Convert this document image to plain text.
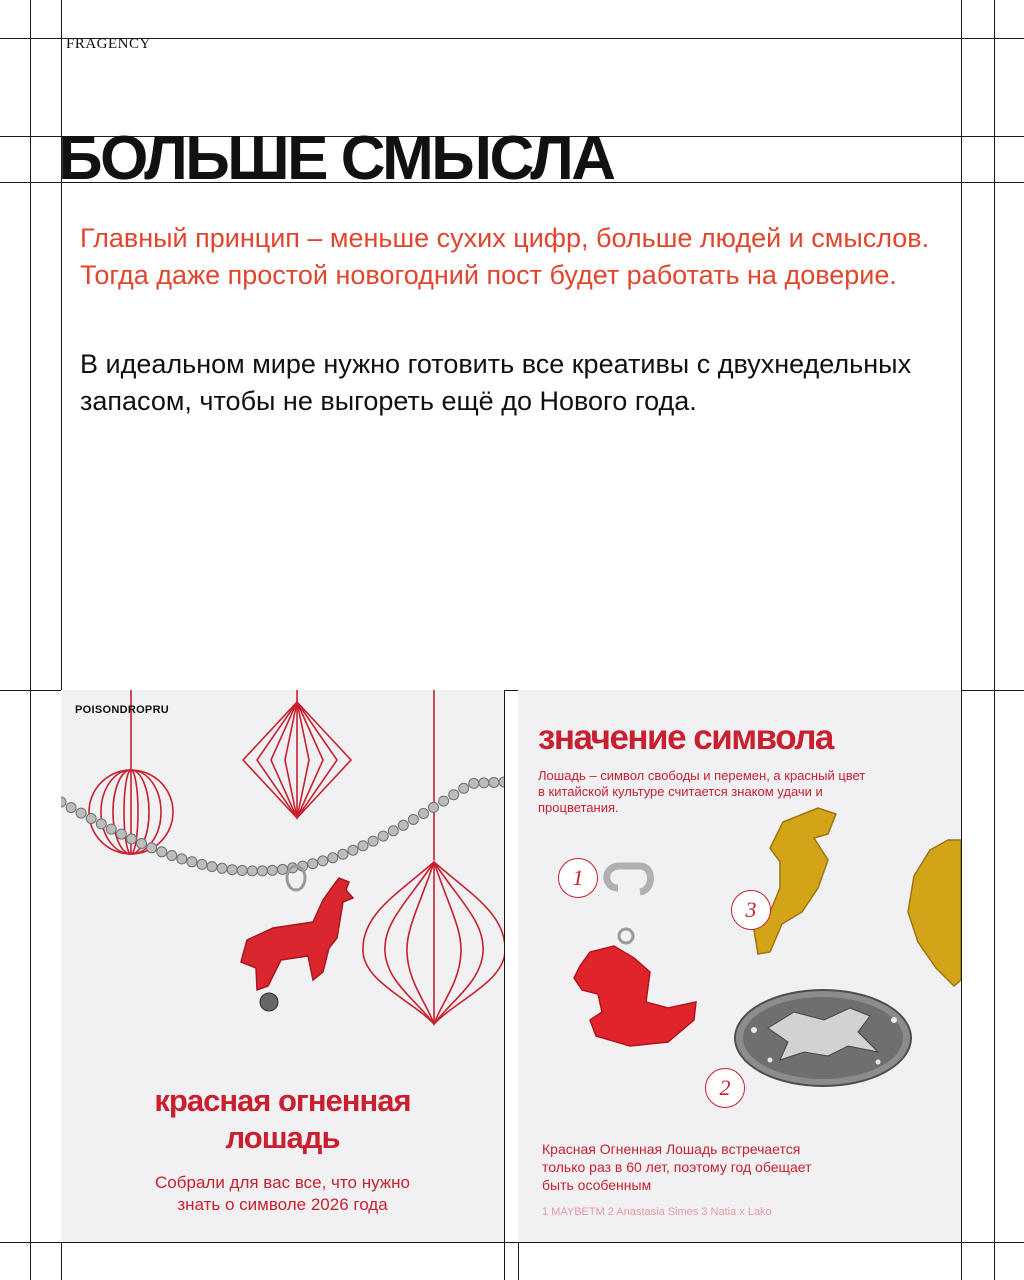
FRAGENCY
БОЛЬШЕ СМЫСЛА
Главный принцип – меньше сухих цифр, больше людей и смыслов. Тогда даже простой новогодний пост будет работать на доверие.
В идеальном мире нужно готовить все креативы с двухнедельных запасом, чтобы не выгореть ещё до Нового года.
POISONDROPRU
красная огненная
лошадь
Собрали для вас все, что нужно
знать о символе 2026 года
значение символа
Лошадь – символ свободы и перемен, а красный цвет в китайской культуре считается знаком удачи и процветания.
1
3
2
Красная Огненная Лошадь встречается только раз в 60 лет, поэтому год обещает быть особенным
1 MAYBETM 2 Anastasia Simes 3 Natia x Lako
